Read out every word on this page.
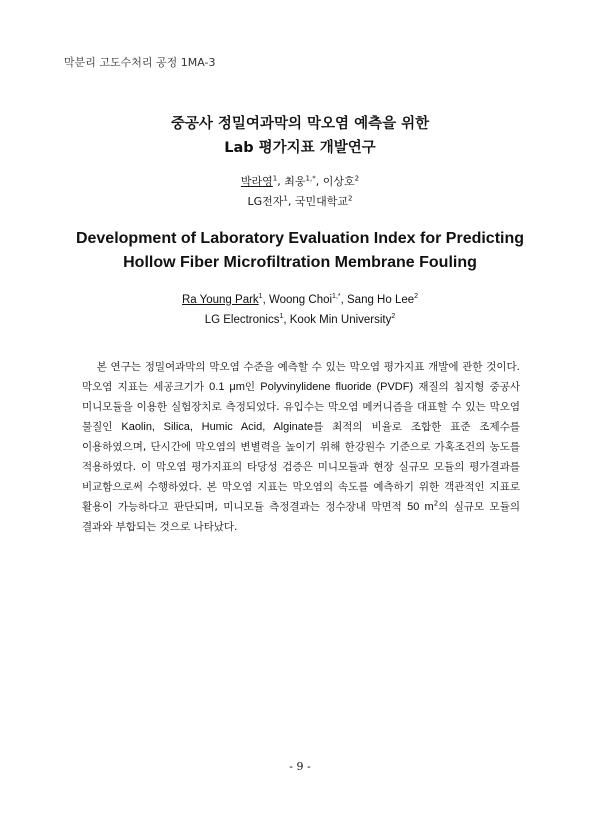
막분리 고도수처리 공정 1MA-3
중공사 정밀여과막의 막오염 예측을 위한
Lab 평가지표 개발연구
박라영$^1$, 최웅$^{1,*}$, 이상호$^2$
LG전자$^1$, 국민대학교$^2$
Development of Laboratory Evaluation Index for Predicting
Hollow Fiber Microfiltration Membrane Fouling
Ra Young Park$^1$, Woong Choi$^{1,*}$, Sang Ho Lee$^2$
LG Electronics$^1$, Kook Min University$^2$

본 연구는 정밀여과막의 막오염 수준을 예측할 수 있는 막오염 평가지표 개발에 관한 것이다. 막오염 지표는 세공크기가 0.1 μm인 Polyvinylidene fluoride (PVDF) 재질의 침지형 중공사 미니모듈을 이용한 실험장치로 측정되었다. 유입수는 막오염 메커니즘을 대표할 수 있는 막오염 물질인 Kaolin, Silica, Humic Acid, Alginate를 최적의 비율로 조합한 표준 조제수를 이용하였으며, 단시간에 막오염의 변별력을 높이기 위해 한강원수 기준으로 가혹조건의 농도를 적용하였다. 이 막오염 평가지표의 타당성 검증은 미니모듈과 현장 실규모 모듈의 평가결과를 비교함으로써 수행하였다. 본 막오염 지표는 막오염의 속도를 예측하기 위한 객관적인 지표로 활용이 가능하다고 판단되며, 미니모듈 측정결과는 정수장내 막면적 50 $m^2$의 실규모 모듈의 결과와 부합되는 것으로 나타났다.

- 9 -
